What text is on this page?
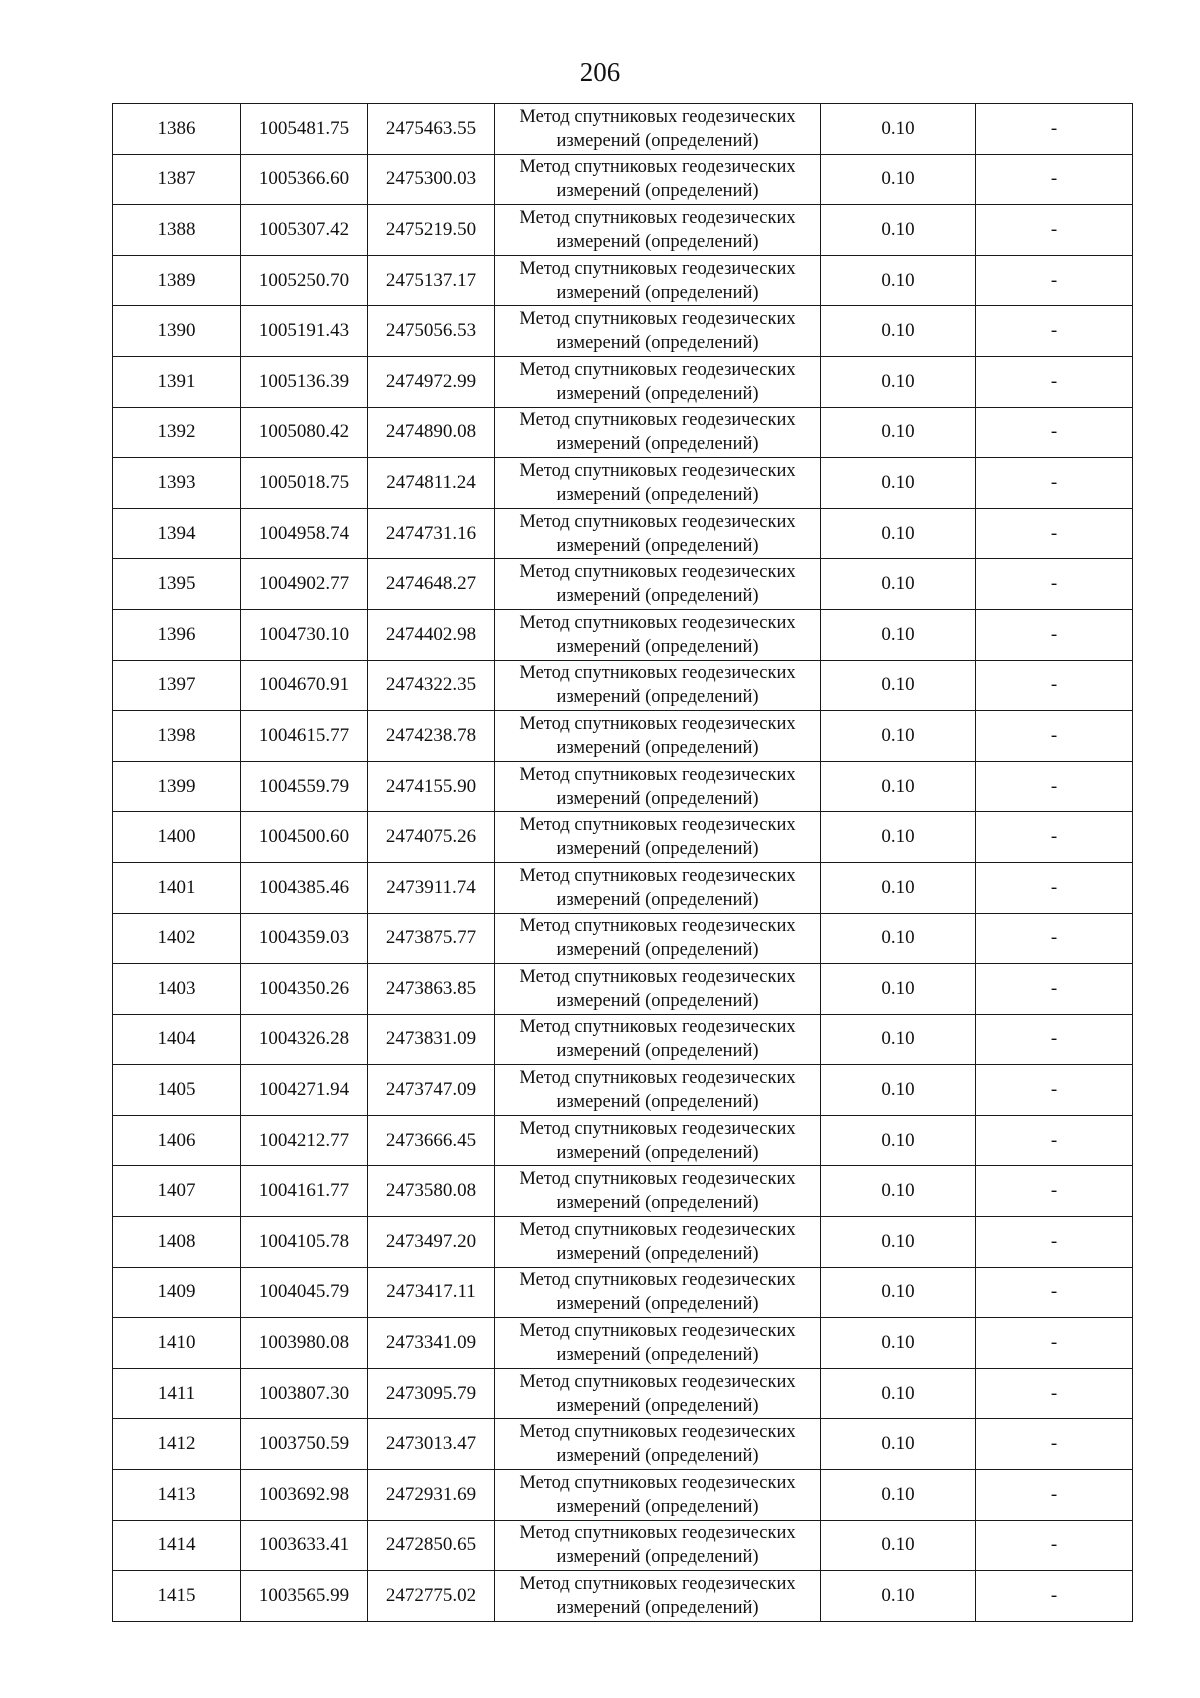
206
1386	1005481.75	2475463.55	Метод спутниковых геодезических измерений (определений)	0.10	-
1387	1005366.60	2475300.03	Метод спутниковых геодезических измерений (определений)	0.10	-
1388	1005307.42	2475219.50	Метод спутниковых геодезических измерений (определений)	0.10	-
1389	1005250.70	2475137.17	Метод спутниковых геодезических измерений (определений)	0.10	-
1390	1005191.43	2475056.53	Метод спутниковых геодезических измерений (определений)	0.10	-
1391	1005136.39	2474972.99	Метод спутниковых геодезических измерений (определений)	0.10	-
1392	1005080.42	2474890.08	Метод спутниковых геодезических измерений (определений)	0.10	-
1393	1005018.75	2474811.24	Метод спутниковых геодезических измерений (определений)	0.10	-
1394	1004958.74	2474731.16	Метод спутниковых геодезических измерений (определений)	0.10	-
1395	1004902.77	2474648.27	Метод спутниковых геодезических измерений (определений)	0.10	-
1396	1004730.10	2474402.98	Метод спутниковых геодезических измерений (определений)	0.10	-
1397	1004670.91	2474322.35	Метод спутниковых геодезических измерений (определений)	0.10	-
1398	1004615.77	2474238.78	Метод спутниковых геодезических измерений (определений)	0.10	-
1399	1004559.79	2474155.90	Метод спутниковых геодезических измерений (определений)	0.10	-
1400	1004500.60	2474075.26	Метод спутниковых геодезических измерений (определений)	0.10	-
1401	1004385.46	2473911.74	Метод спутниковых геодезических измерений (определений)	0.10	-
1402	1004359.03	2473875.77	Метод спутниковых геодезических измерений (определений)	0.10	-
1403	1004350.26	2473863.85	Метод спутниковых геодезических измерений (определений)	0.10	-
1404	1004326.28	2473831.09	Метод спутниковых геодезических измерений (определений)	0.10	-
1405	1004271.94	2473747.09	Метод спутниковых геодезических измерений (определений)	0.10	-
1406	1004212.77	2473666.45	Метод спутниковых геодезических измерений (определений)	0.10	-
1407	1004161.77	2473580.08	Метод спутниковых геодезических измерений (определений)	0.10	-
1408	1004105.78	2473497.20	Метод спутниковых геодезических измерений (определений)	0.10	-
1409	1004045.79	2473417.11	Метод спутниковых геодезических измерений (определений)	0.10	-
1410	1003980.08	2473341.09	Метод спутниковых геодезических измерений (определений)	0.10	-
1411	1003807.30	2473095.79	Метод спутниковых геодезических измерений (определений)	0.10	-
1412	1003750.59	2473013.47	Метод спутниковых геодезических измерений (определений)	0.10	-
1413	1003692.98	2472931.69	Метод спутниковых геодезических измерений (определений)	0.10	-
1414	1003633.41	2472850.65	Метод спутниковых геодезических измерений (определений)	0.10	-
1415	1003565.99	2472775.02	Метод спутниковых геодезических измерений (определений)	0.10	-
